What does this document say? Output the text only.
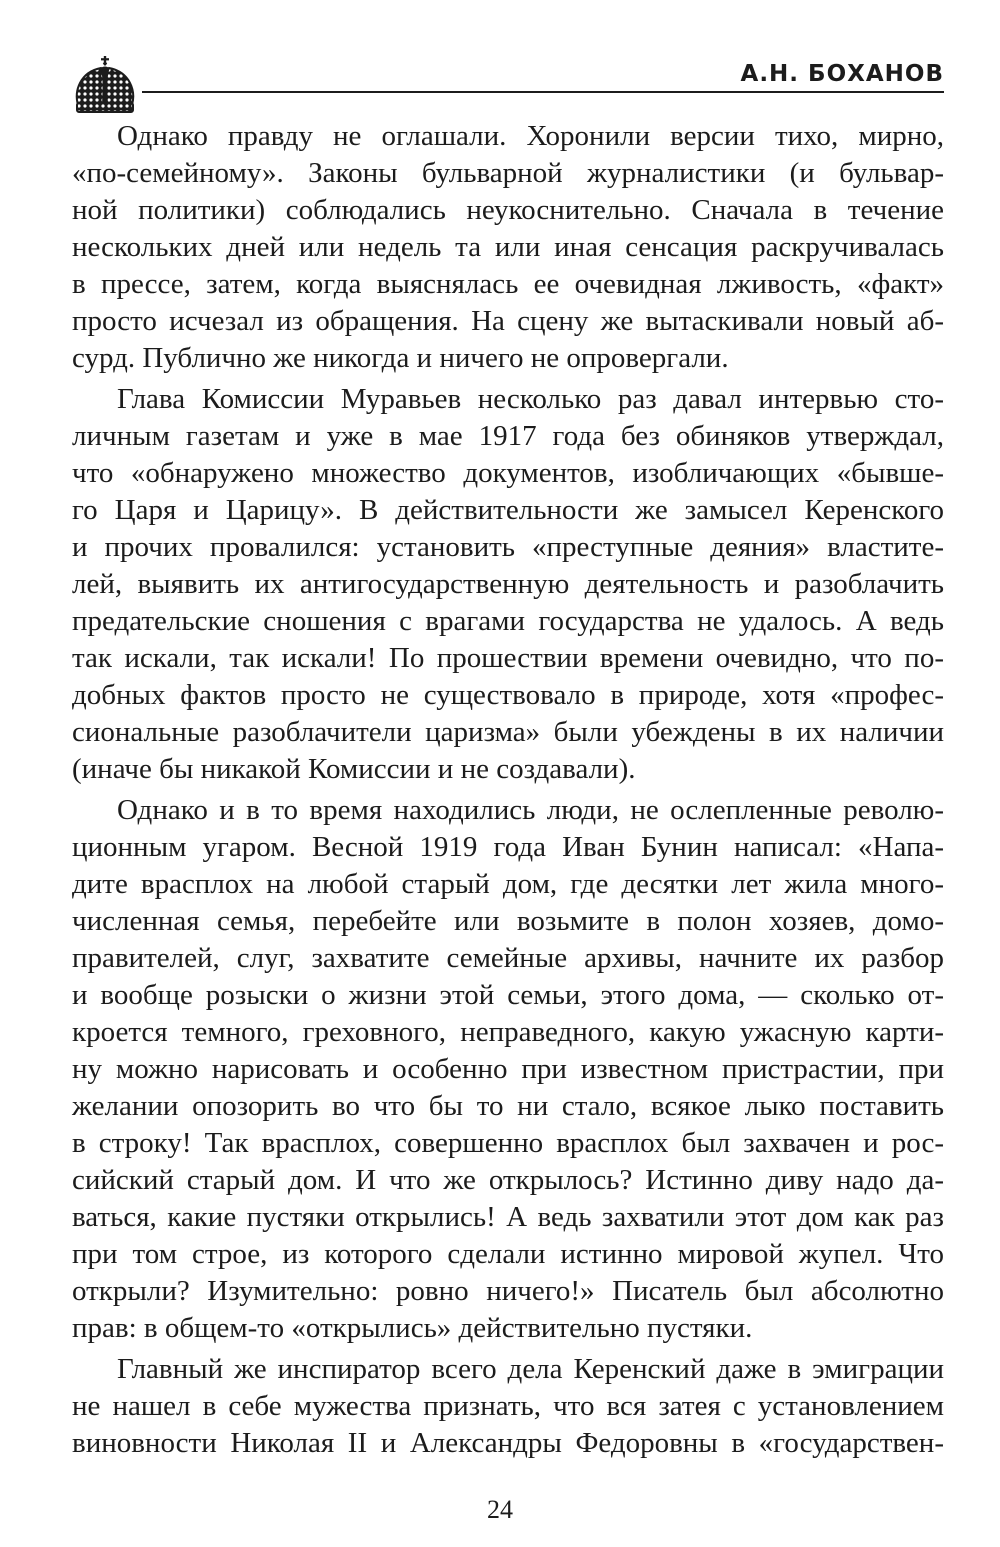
А.Н. БОХАНОВ

Однако правду не оглашали. Хоронили версии тихо, мирно,
«по-семейному». Законы бульварной журналистики (и бульвар-
ной политики) соблюдались неукоснительно. Сначала в течение
нескольких дней или недель та или иная сенсация раскручивалась
в прессе, затем, когда выяснялась ее очевидная лживость, «факт»
просто исчезал из обращения. На сцену же вытаскивали новый аб-
сурд. Публично же никогда и ничего не опровергали.

Глава Комиссии Муравьев несколько раз давал интервью сто-
личным газетам и уже в мае 1917 года без обиняков утверждал,
что «обнаружено множество документов, изобличающих «бывше-
го Царя и Царицу». В действительности же замысел Керенского
и прочих провалился: установить «преступные деяния» властите-
лей, выявить их антигосударственную деятельность и разоблачить
предательские сношения с врагами государства не удалось. А ведь
так искали, так искали! По прошествии времени очевидно, что по-
добных фактов просто не существовало в природе, хотя «профес-
сиональные разоблачители царизма» были убеждены в их наличии
(иначе бы никакой Комиссии и не создавали).

Однако и в то время находились люди, не ослепленные револю-
ционным угаром. Весной 1919 года Иван Бунин написал: «Напа-
дите врасплох на любой старый дом, где десятки лет жила много-
численная семья, перебейте или возьмите в полон хозяев, домо-
правителей, слуг, захватите семейные архивы, начните их разбор
и вообще розыски о жизни этой семьи, этого дома, — сколько от-
кроется темного, греховного, неправедного, какую ужасную карти-
ну можно нарисовать и особенно при известном пристрастии, при
желании опозорить во что бы то ни стало, всякое лыко поставить
в строку! Так врасплох, совершенно врасплох был захвачен и рос-
сийский старый дом. И что же открылось? Истинно диву надо да-
ваться, какие пустяки открылись! А ведь захватили этот дом как раз
при том строе, из которого сделали истинно мировой жупел. Что
открыли? Изумительно: ровно ничего!» Писатель был абсолютно
прав: в общем-то «открылись» действительно пустяки.

Главный же инспиратор всего дела Керенский даже в эмиграции
не нашел в себе мужества признать, что вся затея с установлением
виновности Николая II и Александры Федоровны в «государствен-

24
